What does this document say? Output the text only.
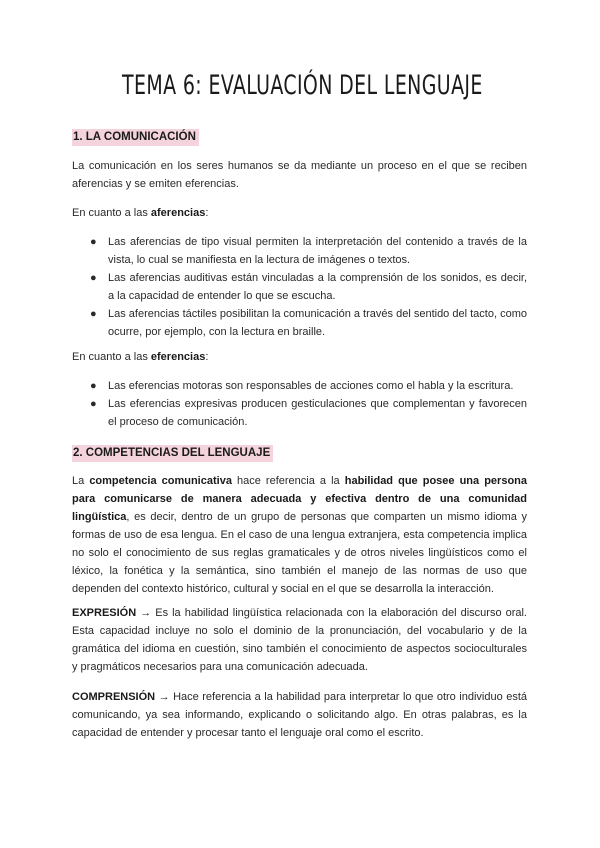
TEMA 6: EVALUACIÓN DEL LENGUAJE
1. LA COMUNICACIÓN

La comunicación en los seres humanos se da mediante un proceso en el que se reciben aferencias y se emiten eferencias.

En cuanto a las aferencias:

● Las aferencias de tipo visual permiten la interpretación del contenido a través de la vista, lo cual se manifiesta en la lectura de imágenes o textos.
● Las aferencias auditivas están vinculadas a la comprensión de los sonidos, es decir, a la capacidad de entender lo que se escucha.
● Las aferencias táctiles posibilitan la comunicación a través del sentido del tacto, como ocurre, por ejemplo, con la lectura en braille.

En cuanto a las eferencias:

● Las eferencias motoras son responsables de acciones como el habla y la escritura.
● Las eferencias expresivas producen gesticulaciones que complementan y favorecen el proceso de comunicación.
2. COMPETENCIAS DEL LENGUAJE

La competencia comunicativa hace referencia a la habilidad que posee una persona para comunicarse de manera adecuada y efectiva dentro de una comunidad lingüística, es decir, dentro de un grupo de personas que comparten un mismo idioma y formas de uso de esa lengua. En el caso de una lengua extranjera, esta competencia implica no solo el conocimiento de sus reglas gramaticales y de otros niveles lingüísticos como el léxico, la fonética y la semántica, sino también el manejo de las normas de uso que dependen del contexto histórico, cultural y social en el que se desarrolla la interacción.

EXPRESIÓN → Es la habilidad lingüística relacionada con la elaboración del discurso oral. Esta capacidad incluye no solo el dominio de la pronunciación, del vocabulario y de la gramática del idioma en cuestión, sino también el conocimiento de aspectos socioculturales y pragmáticos necesarios para una comunicación adecuada.

COMPRENSIÓN → Hace referencia a la habilidad para interpretar lo que otro individuo está comunicando, ya sea informando, explicando o solicitando algo. En otras palabras, es la capacidad de entender y procesar tanto el lenguaje oral como el escrito.
